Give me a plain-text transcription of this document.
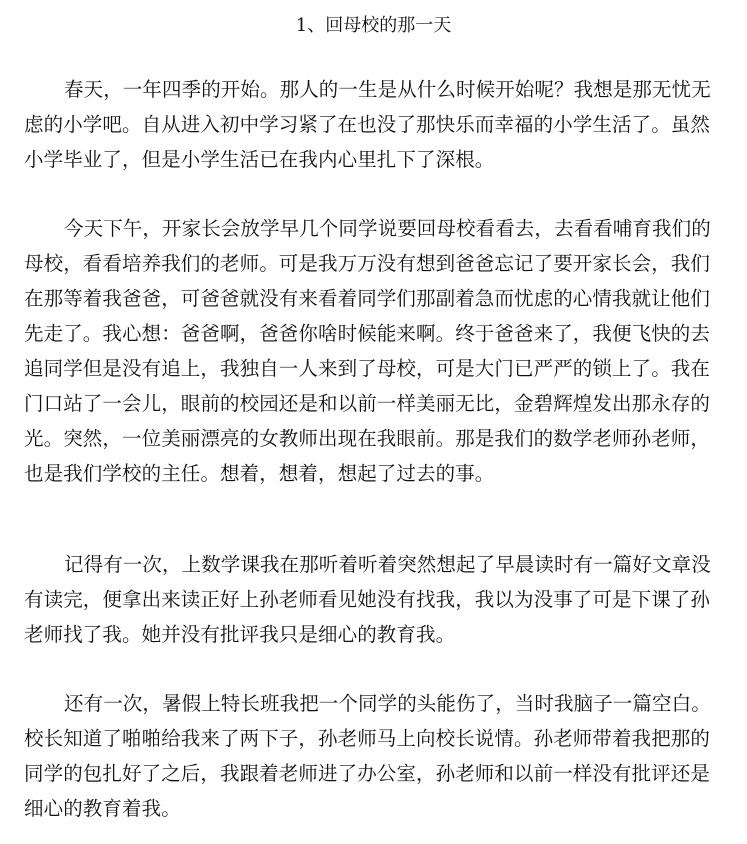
1、回母校的那一天

春天，一年四季的开始。那人的一生是从什么时候开始呢？我想是那无忧无虑的小学吧。自从进入初中学习紧了在也没了那快乐而幸福的小学生活了。虽然小学毕业了，但是小学生活已在我内心里扎下了深根。

今天下午，开家长会放学早几个同学说要回母校看看去，去看看哺育我们的母校，看看培养我们的老师。可是我万万没有想到爸爸忘记了要开家长会，我们在那等着我爸爸，可爸爸就没有来看着同学们那副着急而忧虑的心情我就让他们先走了。我心想：爸爸啊，爸爸你啥时候能来啊。终于爸爸来了，我便飞快的去追同学但是没有追上，我独自一人来到了母校，可是大门已严严的锁上了。我在门口站了一会儿，眼前的校园还是和以前一样美丽无比，金碧辉煌发出那永存的光。突然，一位美丽漂亮的女教师出现在我眼前。那是我们的数学老师孙老师，也是我们学校的主任。想着，想着，想起了过去的事。

记得有一次，上数学课我在那听着听着突然想起了早晨读时有一篇好文章没有读完，便拿出来读正好上孙老师看见她没有找我，我以为没事了可是下课了孙老师找了我。她并没有批评我只是细心的教育我。

还有一次，暑假上特长班我把一个同学的头能伤了，当时我脑子一篇空白。校长知道了啪啪给我来了两下子，孙老师马上向校长说情。孙老师带着我把那的同学的包扎好了之后，我跟着老师进了办公室，孙老师和以前一样没有批评还是细心的教育着我。
